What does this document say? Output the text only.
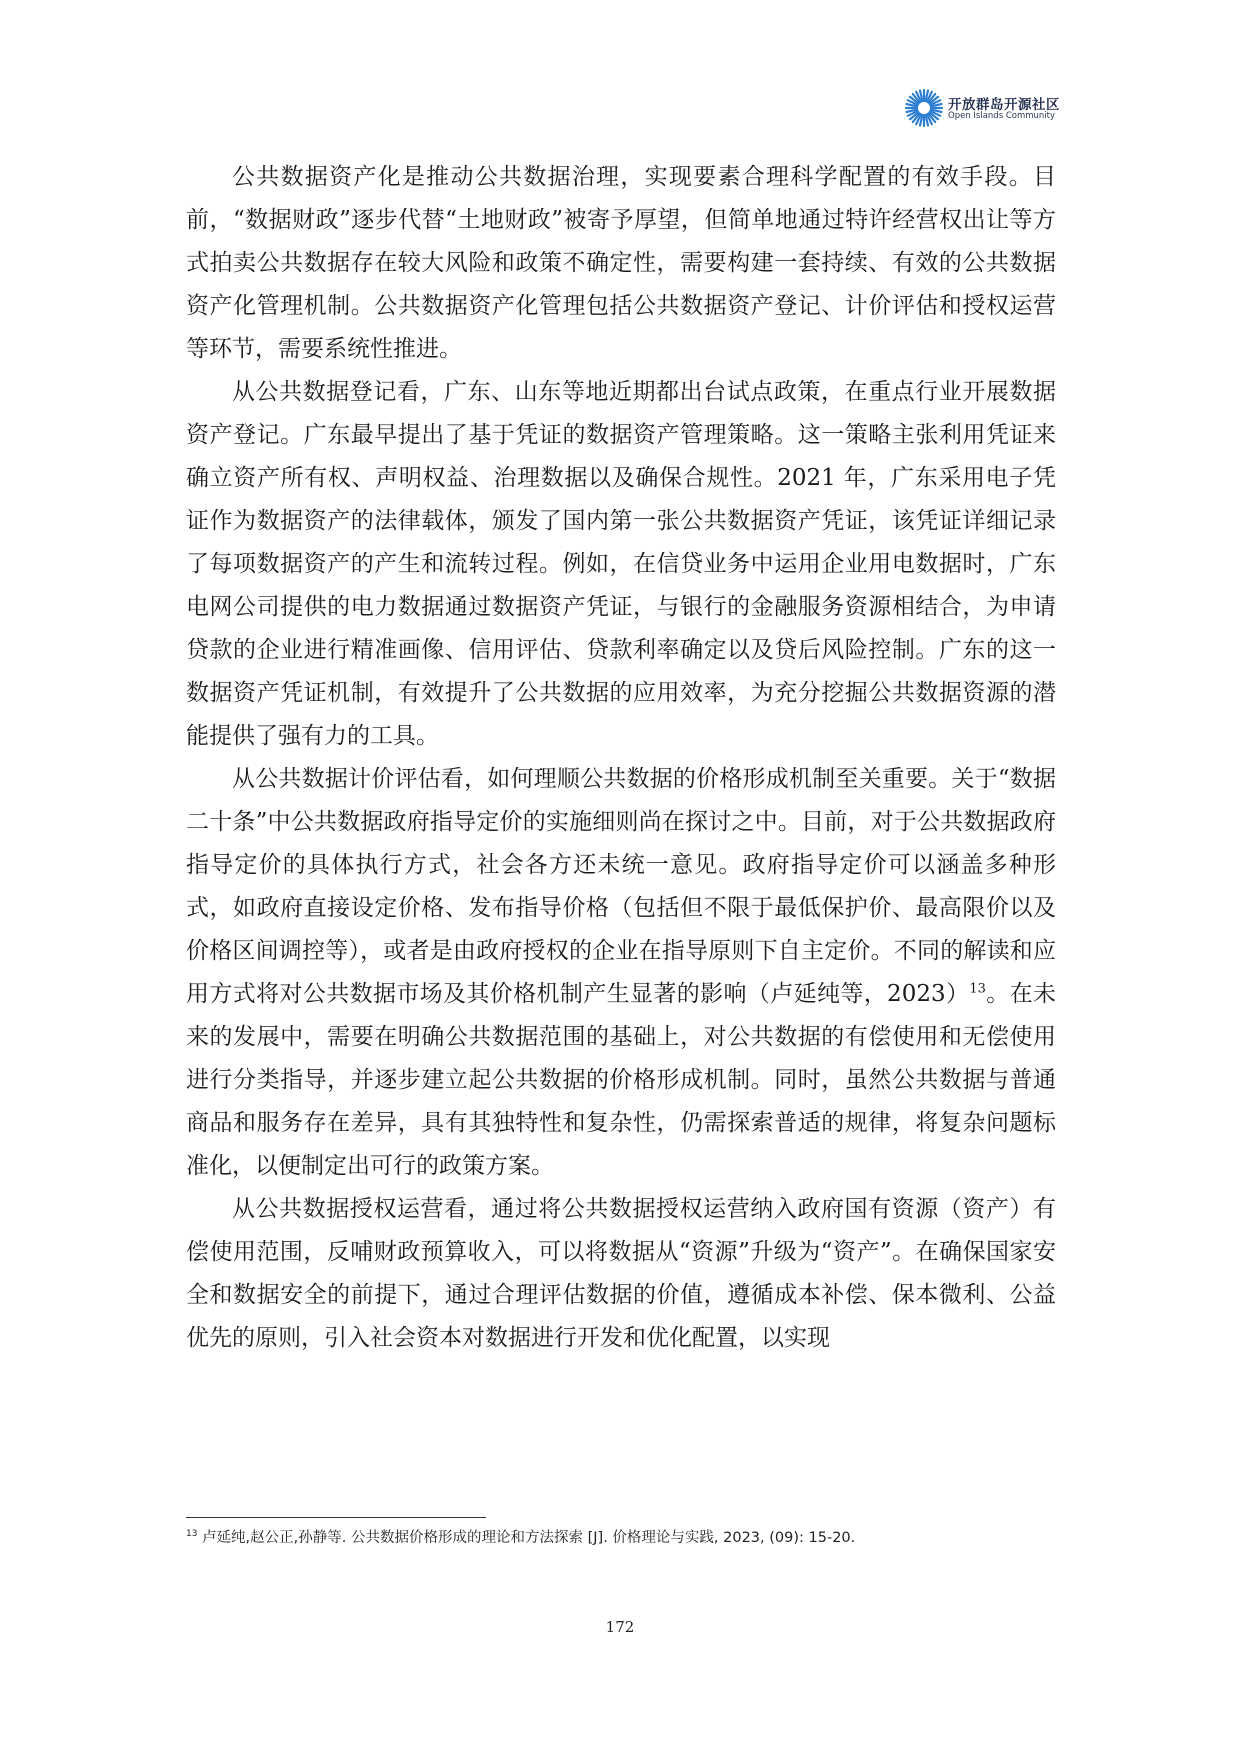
开放群岛开源社区
Open Islands Community

公共数据资产化是推动公共数据治理，实现要素合理科学配置的有效手段。目前，“数据财政”逐步代替“土地财政”被寄予厚望，但简单地通过特许经营权出让等方式拍卖公共数据存在较大风险和政策不确定性，需要构建一套持续、有效的公共数据资产化管理机制。公共数据资产化管理包括公共数据资产登记、计价评估和授权运营等环节，需要系统性推进。

从公共数据登记看，广东、山东等地近期都出台试点政策，在重点行业开展数据资产登记。广东最早提出了基于凭证的数据资产管理策略。这一策略主张利用凭证来确立资产所有权、声明权益、治理数据以及确保合规性。2021 年，广东采用电子凭证作为数据资产的法律载体，颁发了国内第一张公共数据资产凭证，该凭证详细记录了每项数据资产的产生和流转过程。例如，在信贷业务中运用企业用电数据时，广东电网公司提供的电力数据通过数据资产凭证，与银行的金融服务资源相结合，为申请贷款的企业进行精准画像、信用评估、贷款利率确定以及贷后风险控制。广东的这一数据资产凭证机制，有效提升了公共数据的应用效率，为充分挖掘公共数据资源的潜能提供了强有力的工具。

从公共数据计价评估看，如何理顺公共数据的价格形成机制至关重要。关于“数据二十条”中公共数据政府指导定价的实施细则尚在探讨之中。目前，对于公共数据政府指导定价的具体执行方式，社会各方还未统一意见。政府指导定价可以涵盖多种形式，如政府直接设定价格、发布指导价格（包括但不限于最低保护价、最高限价以及价格区间调控等），或者是由政府授权的企业在指导原则下自主定价。不同的解读和应用方式将对公共数据市场及其价格机制产生显著的影响（卢延纯等，2023）$^{13}$。在未来的发展中，需要在明确公共数据范围的基础上，对公共数据的有偿使用和无偿使用进行分类指导，并逐步建立起公共数据的价格形成机制。同时，虽然公共数据与普通商品和服务存在差异，具有其独特性和复杂性，仍需探索普适的规律，将复杂问题标准化，以便制定出可行的政策方案。

从公共数据授权运营看，通过将公共数据授权运营纳入政府国有资源（资产）有偿使用范围，反哺财政预算收入，可以将数据从“资源”升级为“资产”。在确保国家安全和数据安全的前提下，通过合理评估数据的价值，遵循成本补偿、保本微利、公益优先的原则，引入社会资本对数据进行开发和优化配置，以实现

$^{13}$ 卢延纯,赵公正,孙静等. 公共数据价格形成的理论和方法探索 [J]. 价格理论与实践, 2023, (09): 15-20.
172
